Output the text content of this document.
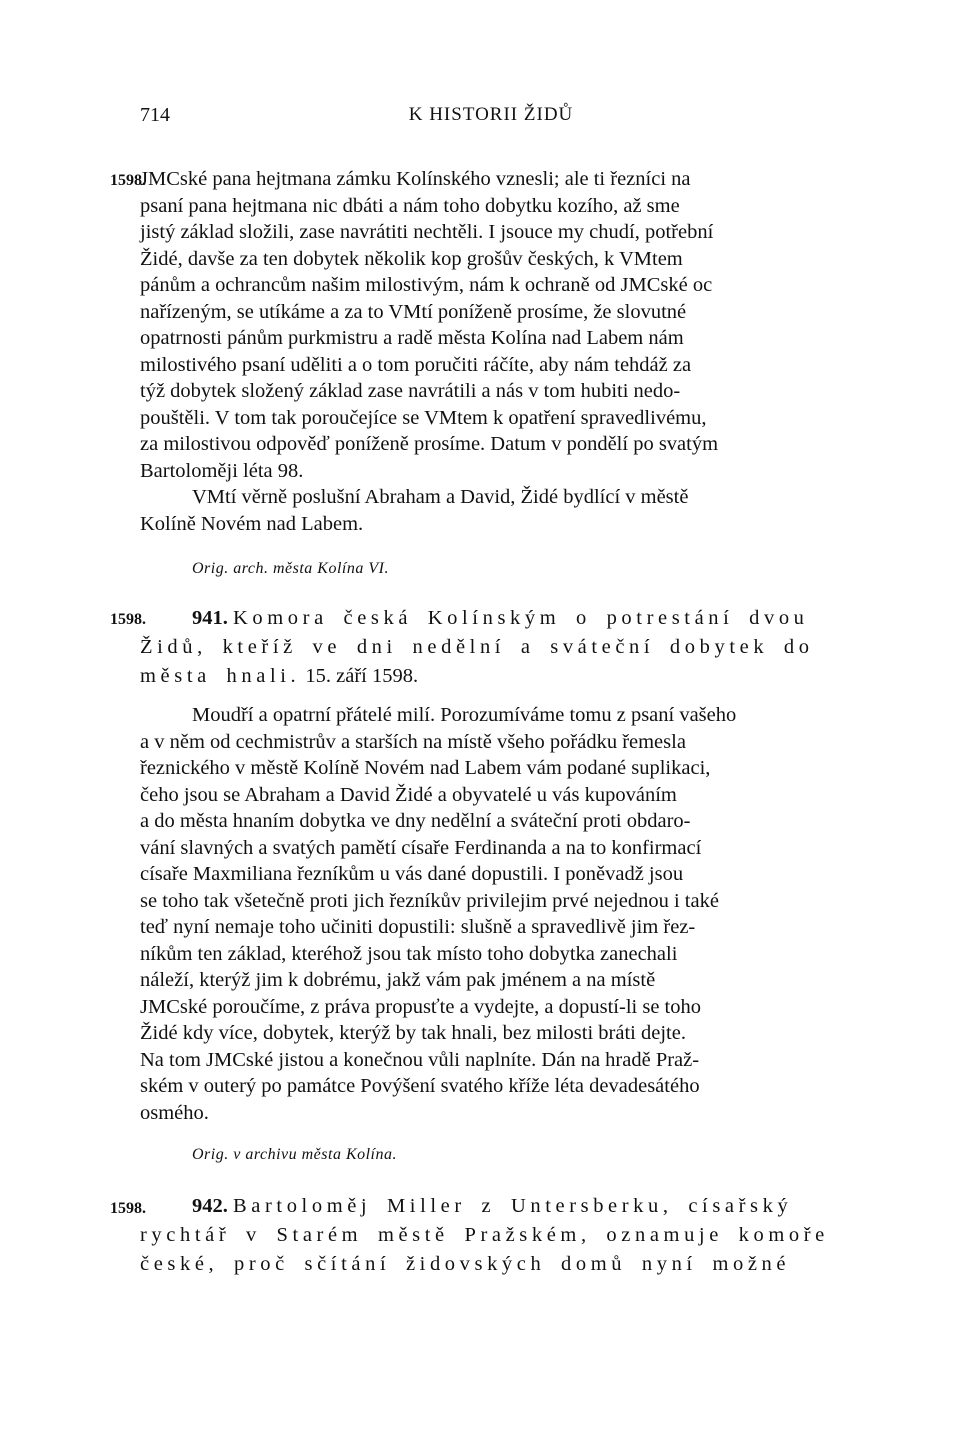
714	K HISTORII ŽIDŮ
1598.

JMCské pana hejtmana zámku Kolínského vznesli; ale ti řezníci na

psaní pana hejtmana nic dbáti a nám toho dobytku kozího, až sme

jistý základ složili, zase navrátiti nechtěli. I jsouce my chudí, potřební

Židé, davše za ten dobytek několik kop grošův českých, k VMtem

pánům a ochrancům našim milostivým, nám k ochraně od JMCské oc

nařízeným, se utíkáme a za to VMtí poníženě prosíme, že slovutné

opatrnosti pánům purkmistru a radě města Kolína nad Labem nám

milostivého psaní uděliti a o tom poručiti ráčíte, aby nám tehdáž za

týž dobytek složený základ zase navrátili a nás v tom hubiti nedo-

pouštěli. V tom tak poroučejíce se VMtem k opatření spravedlivému,

za milostivou odpověď poníženě prosíme. Datum v pondělí po svatým

Bartoloměji léta 98.

VMtí věrně poslušní Abraham a David, Židé bydlící v městě

Kolíně Novém nad Labem.

Orig. arch. města Kolína VI.
1598.	941. Komora česká Kolínským o potrestání dvou
Židů, kteříž ve dni nedělní a sváteční dobytek do
města hnali. 15. září 1598.

Moudří a opatrní přátelé milí. Porozumíváme tomu z psaní vašeho

a v něm od cechmistrův a starších na místě všeho pořádku řemesla

řeznického v městě Kolíně Novém nad Labem vám podané suplikaci,

čeho jsou se Abraham a David Židé a obyvatelé u vás kupováním

a do města hnaním dobytka ve dny nedělní a sváteční proti obdaro-

vání slavných a svatých pamětí císaře Ferdinanda a na to konfirmací

císaře Maxmiliana řezníkům u vás dané dopustili. I poněvadž jsou

se toho tak všetečně proti jich řezníkův privilejim prvé nejednou i také

teď nyní nemaje toho učiniti dopustili: slušně a spravedlivě jim řez-

níkům ten základ, kteréhož jsou tak místo toho dobytka zanechali

náleží, kterýž jim k dobrému, jakž vám pak jménem a na místě

JMCské poroučíme, z práva propusťte a vydejte, a dopustí-li se toho

Židé kdy více, dobytek, kterýž by tak hnali, bez milosti bráti dejte.

Na tom JMCské jistou a konečnou vůli naplníte. Dán na hradě Praž-

ském v outerý po památce Povýšení svatého kříže léta devadesátého

osmého.

Orig. v archivu města Kolína.
1598.	942. Bartoloměj Miller z Untersberku, císařský
rychtář v Starém městě Pražském, oznamuje komoře
české, proč sčítání židovských domů nyní možné
